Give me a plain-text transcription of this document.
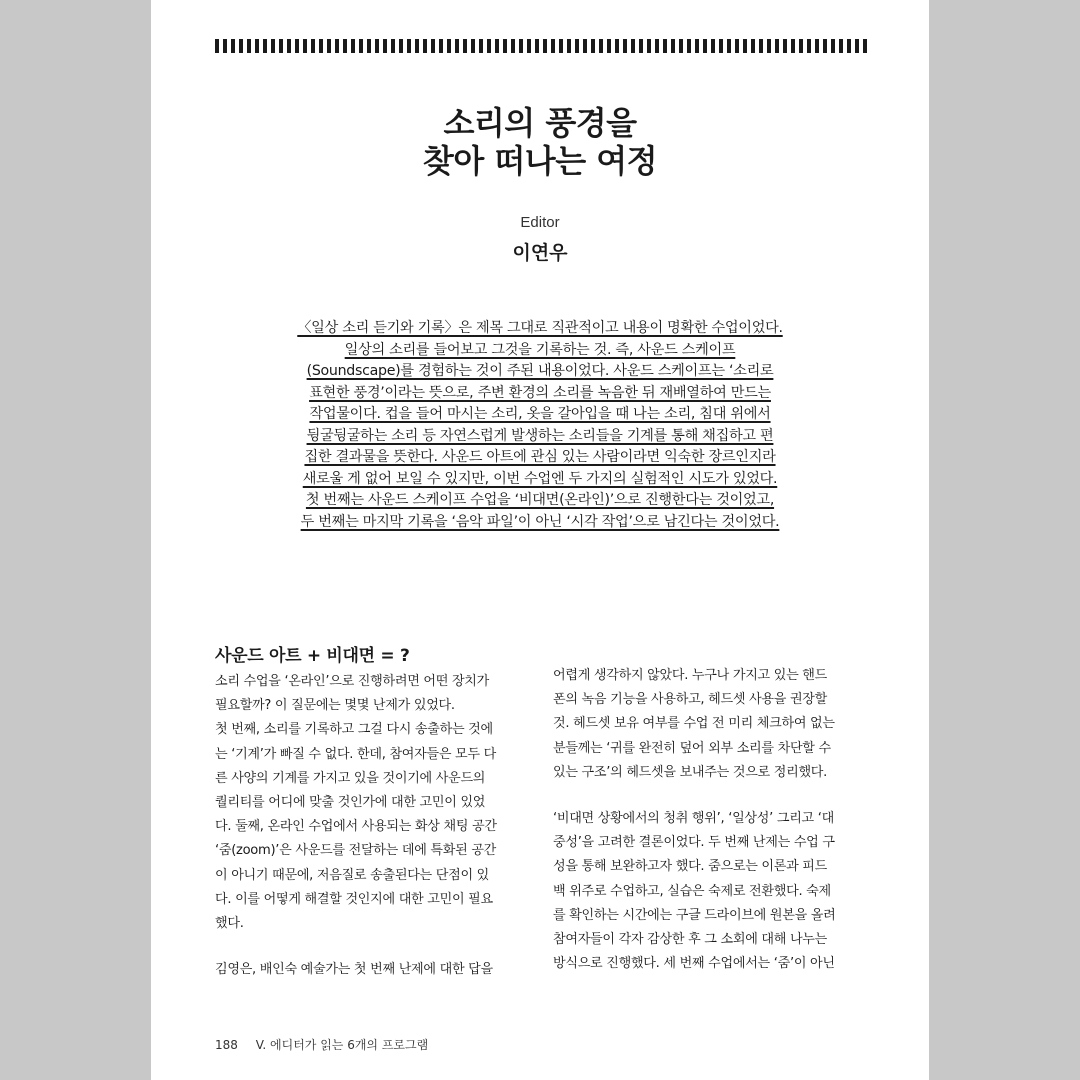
소리의 풍경을
찾아 떠나는 여정
Editor
이연우

〈일상 소리 듣기와 기록〉은 제목 그대로 직관적이고 내용이 명확한 수업이었다.
일상의 소리를 들어보고 그것을 기록하는 것. 즉, 사운드 스케이프
(Soundscape)를 경험하는 것이 주된 내용이었다. 사운드 스케이프는 ‘소리로
표현한 풍경’이라는 뜻으로, 주변 환경의 소리를 녹음한 뒤 재배열하여 만드는
작업물이다. 컵을 들어 마시는 소리, 옷을 갈아입을 때 나는 소리, 침대 위에서
뒹굴뒹굴하는 소리 등 자연스럽게 발생하는 소리들을 기계를 통해 채집하고 편
집한 결과물을 뜻한다. 사운드 아트에 관심 있는 사람이라면 익숙한 장르인지라
새로울 게 없어 보일 수 있지만, 이번 수업엔 두 가지의 실험적인 시도가 있었다.
첫 번째는 사운드 스케이프 수업을 ‘비대면(온라인)’으로 진행한다는 것이었고,
두 번째는 마지막 기록을 ‘음악 파일’이 아닌 ‘시각 작업’으로 남긴다는 것이었다.

사운드 아트 + 비대면 = ?

소리 수업을 ‘온라인’으로 진행하려면 어떤 장치가
필요할까? 이 질문에는 몇몇 난제가 있었다.

첫 번째, 소리를 기록하고 그걸 다시 송출하는 것에
는 ‘기계’가 빠질 수 없다. 한데, 참여자들은 모두 다
른 사양의 기계를 가지고 있을 것이기에 사운드의
퀄리티를 어디에 맞출 것인가에 대한 고민이 있었
다. 둘째, 온라인 수업에서 사용되는 화상 채팅 공간
‘줌(zoom)’은 사운드를 전달하는 데에 특화된 공간
이 아니기 때문에, 저음질로 송출된다는 단점이 있
다. 이를 어떻게 해결할 것인지에 대한 고민이 필요
했다.

김영은, 배인숙 예술가는 첫 번째 난제에 대한 답을

어렵게 생각하지 않았다. 누구나 가지고 있는 핸드
폰의 녹음 기능을 사용하고, 헤드셋 사용을 권장할
것. 헤드셋 보유 여부를 수업 전 미리 체크하여 없는
분들께는 ‘귀를 완전히 덮어 외부 소리를 차단할 수
있는 구조’의 헤드셋을 보내주는 것으로 정리했다.

‘비대면 상황에서의 청취 행위’, ‘일상성’ 그리고 ‘대
중성’을 고려한 결론이었다. 두 번째 난제는 수업 구
성을 통해 보완하고자 했다. 줌으로는 이론과 피드
백 위주로 수업하고, 실습은 숙제로 전환했다. 숙제
를 확인하는 시간에는 구글 드라이브에 원본을 올려
참여자들이 각자 감상한 후 그 소회에 대해 나누는
방식으로 진행했다. 세 번째 수업에서는 ‘줌’이 아닌

188 V. 에디터가 읽는 6개의 프로그램
